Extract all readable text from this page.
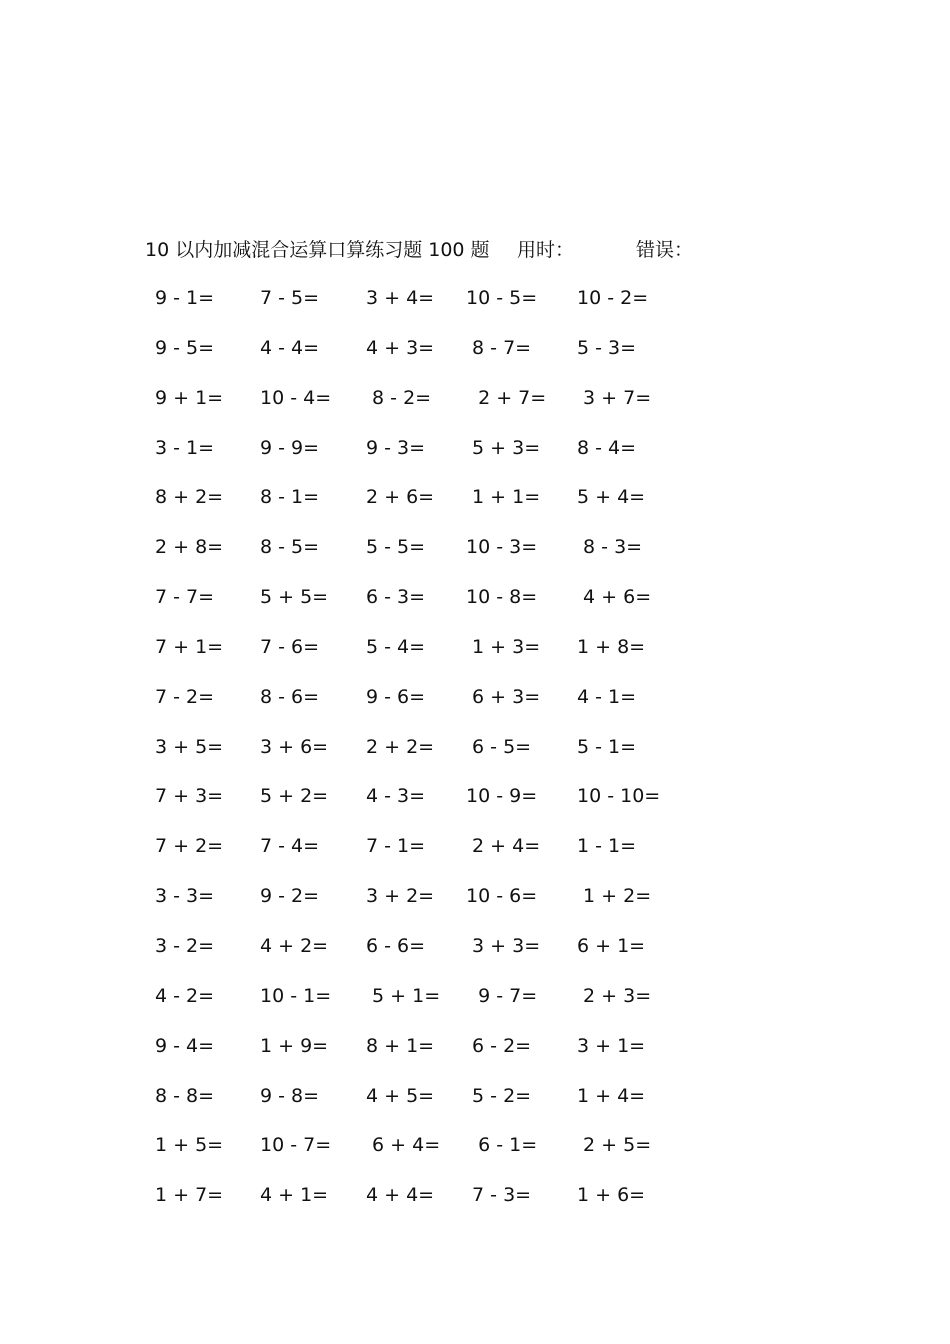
10 以内加减混合运算口算练习题 100 题 用时：	错误：
9 - 1= 7 - 5= 3 + 4= 10 - 5= 10 - 2=
9 - 5= 4 - 4= 4 + 3= 8 - 7= 5 - 3=
9 + 1= 10 - 4= 8 - 2= 2 + 7= 3 + 7=
3 - 1= 9 - 9= 9 - 3= 5 + 3= 8 - 4=
8 + 2= 8 - 1= 2 + 6= 1 + 1= 5 + 4=
2 + 8= 8 - 5= 5 - 5= 10 - 3= 8 - 3=
7 - 7= 5 + 5= 6 - 3= 10 - 8= 4 + 6=
7 + 1= 7 - 6= 5 - 4= 1 + 3= 1 + 8=
7 - 2= 8 - 6= 9 - 6= 6 + 3= 4 - 1=
3 + 5= 3 + 6= 2 + 2= 6 - 5= 5 - 1=
7 + 3= 5 + 2= 4 - 3= 10 - 9= 10 - 10=
7 + 2= 7 - 4= 7 - 1= 2 + 4= 1 - 1=
3 - 3= 9 - 2= 3 + 2= 10 - 6= 1 + 2=
3 - 2= 4 + 2= 6 - 6= 3 + 3= 6 + 1=
4 - 2= 10 - 1= 5 + 1= 9 - 7= 2 + 3=
9 - 4= 1 + 9= 8 + 1= 6 - 2= 3 + 1=
8 - 8= 9 - 8= 4 + 5= 5 - 2= 1 + 4=
1 + 5= 10 - 7= 6 + 4= 6 - 1= 2 + 5=
1 + 7= 4 + 1= 4 + 4= 7 - 3= 1 + 6=
